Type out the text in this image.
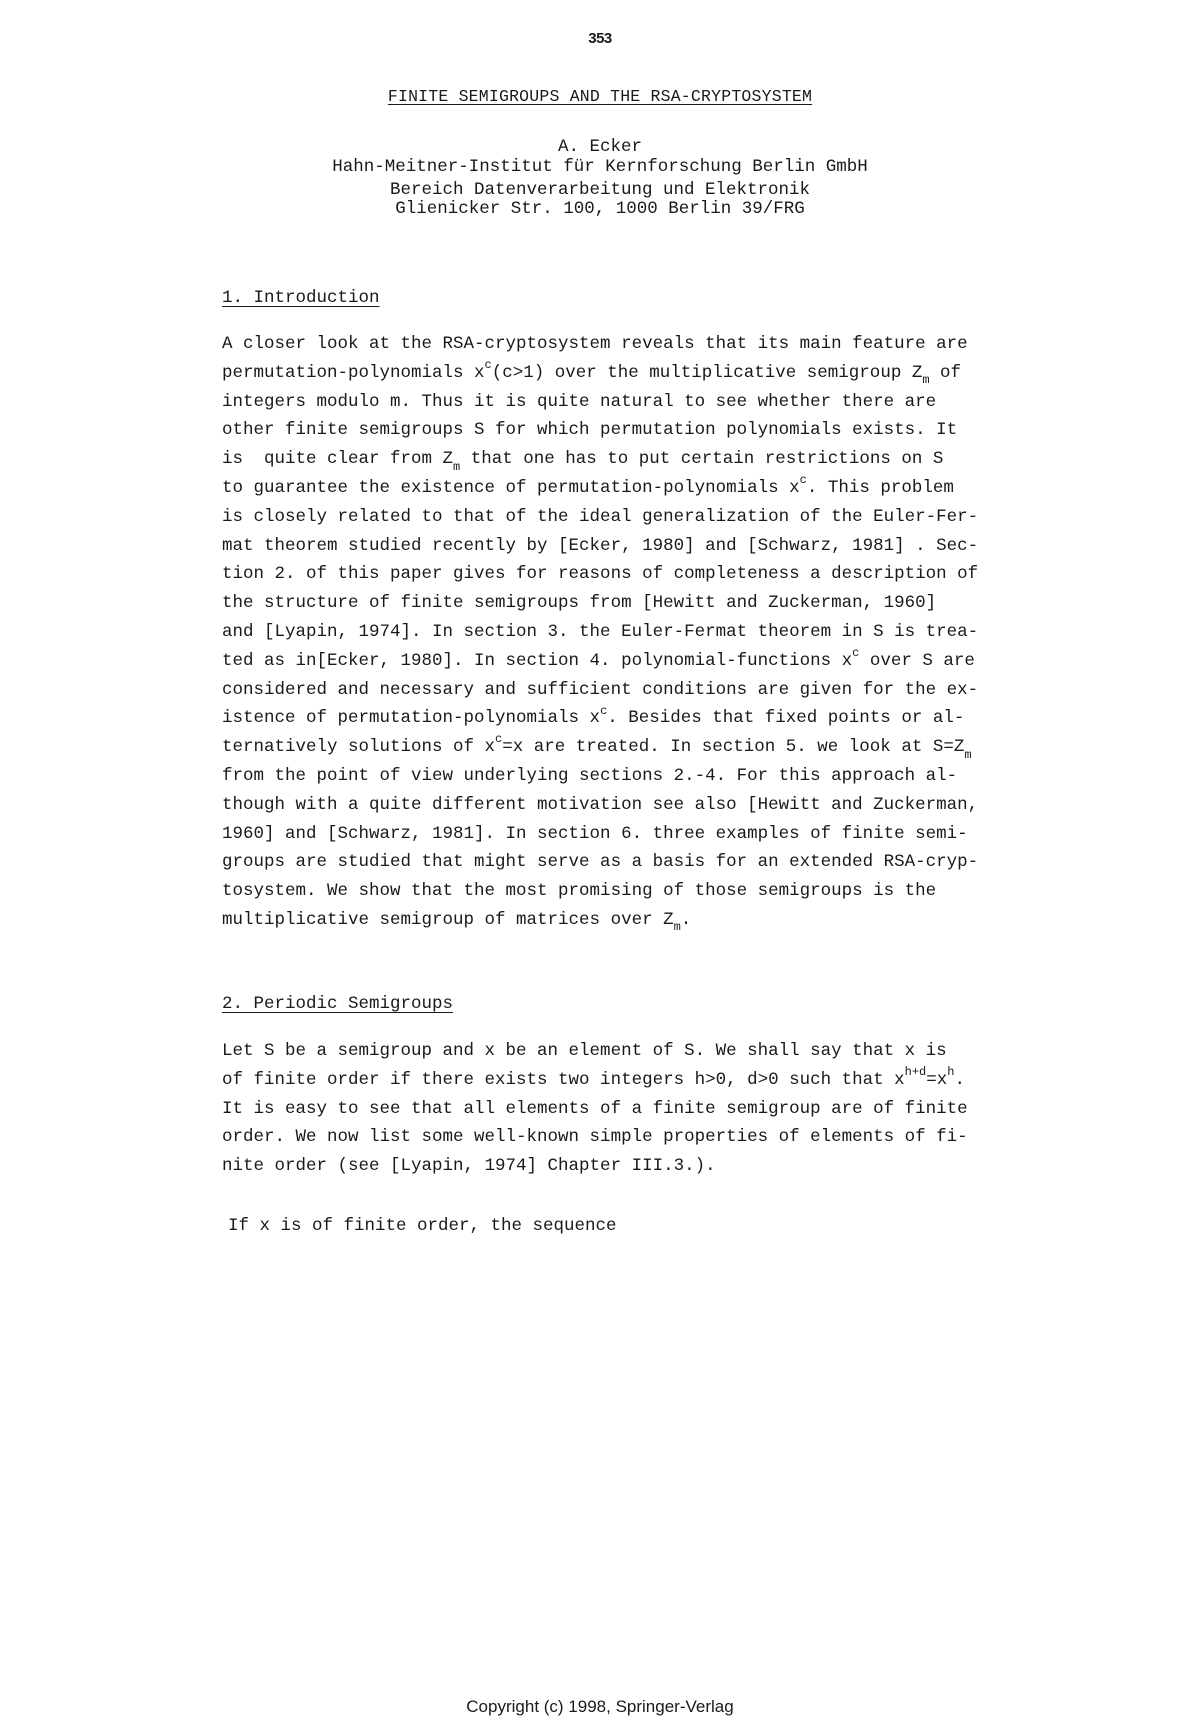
353
FINITE SEMIGROUPS AND THE RSA-CRYPTOSYSTEM
A. Ecker
Hahn-Meitner-Institut für Kernforschung Berlin GmbH
Bereich Datenverarbeitung und Elektronik
Glienicker Str. 100, 1000 Berlin 39/FRG
1. Introduction
A closer look at the RSA-cryptosystem reveals that its main feature are
permutation-polynomials $x^c(c>1)$ over the multiplicative semigroup $Z_m$ of
integers modulo m. Thus it is quite natural to see whether there are
other finite semigroups S for which permutation polynomials exists. It
is  quite clear from $Z_m$ that one has to put certain restrictions on S
to guarantee the existence of permutation-polynomials $x^c$. This problem
is closely related to that of the ideal generalization of the Euler-Fer-
mat theorem studied recently by [Ecker, 1980] and [Schwarz, 1981] . Sec-
tion 2. of this paper gives for reasons of completeness a description of
the structure of finite semigroups from [Hewitt and Zuckerman, 1960]
and [Lyapin, 1974]. In section 3. the Euler-Fermat theorem in S is trea-
ted as in[Ecker, 1980]. In section 4. polynomial-functions $x^c$ over S are
considered and necessary and sufficient conditions are given for the ex-
istence of permutation-polynomials $x^c$. Besides that fixed points or al-
ternatively solutions of $x^c=x$ are treated. In section 5. we look at $S=Z_m$
from the point of view underlying sections 2.-4. For this approach al-
though with a quite different motivation see also [Hewitt and Zuckerman,
1960] and [Schwarz, 1981]. In section 6. three examples of finite semi-
groups are studied that might serve as a basis for an extended RSA-cryp-
tosystem. We show that the most promising of those semigroups is the
multiplicative semigroup of matrices over $Z_m$.
2. Periodic Semigroups
Let S be a semigroup and x be an element of S. We shall say that x is
of finite order if there exists two integers h>0, d>0 such that $x^{h+d}=x^h$.
It is easy to see that all elements of a finite semigroup are of finite
order. We now list some well-known simple properties of elements of fi-
nite order (see [Lyapin, 1974] Chapter III.3.).
If x is of finite order, the sequence
Copyright (c) 1998, Springer-Verlag
